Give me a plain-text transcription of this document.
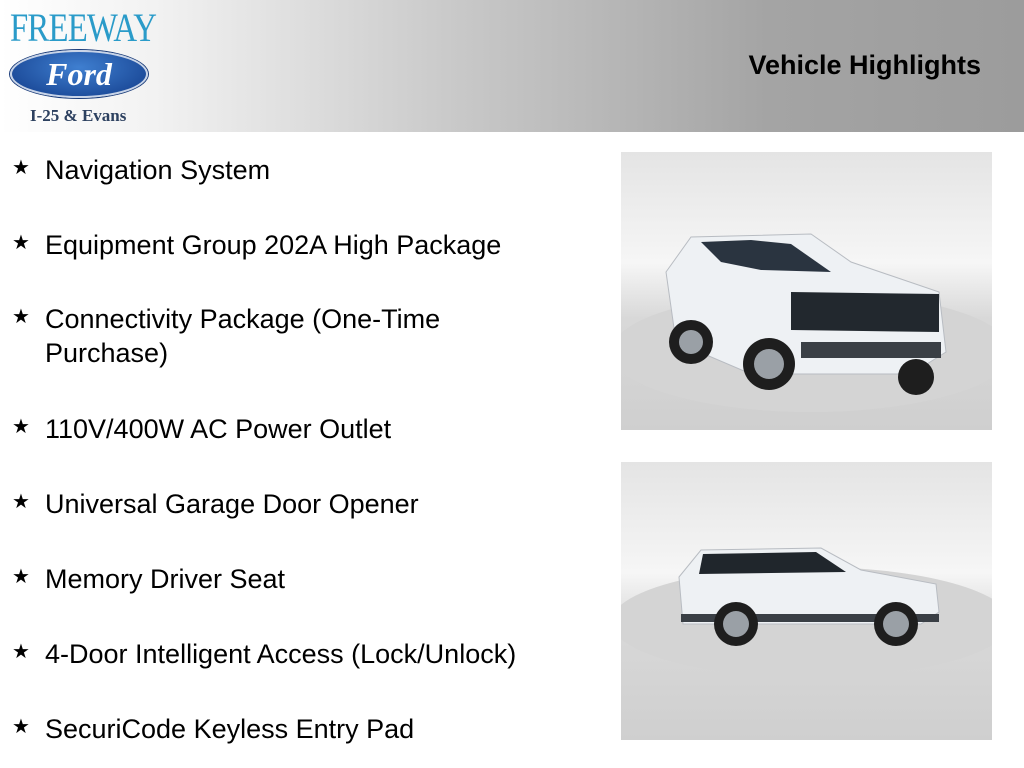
FREEWAY
Ford
I-25 & Evans
Vehicle Highlights
★ Navigation System
★ Equipment Group 202A High Package
★ Connectivity Package (One-Time Purchase)
★ 110V/400W AC Power Outlet
★ Universal Garage Door Opener
★ Memory Driver Seat
★ 4-Door Intelligent Access (Lock/Unlock)
★ SecuriCode Keyless Entry Pad
